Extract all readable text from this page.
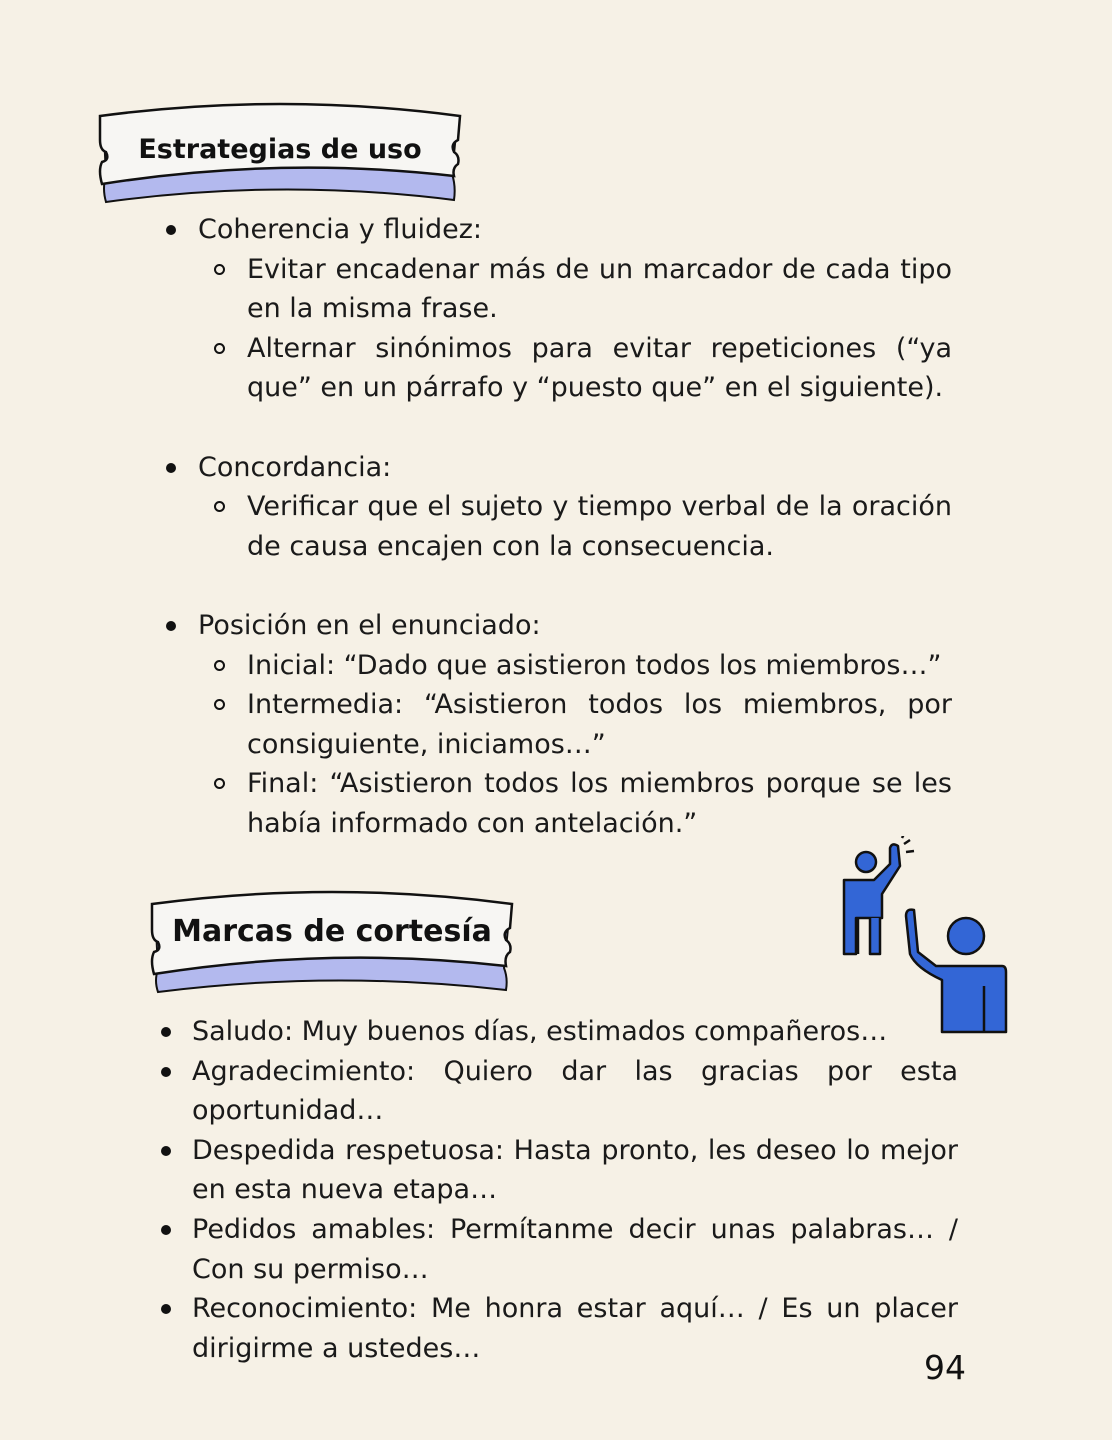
Estrategias de uso
Coherencia y fluidez:
Evitar encadenar más de un marcador de cada tipo en la misma frase.
Alternar sinónimos para evitar repeticiones (“ya que” en un párrafo y “puesto que” en el siguiente).
Concordancia:
Verificar que el sujeto y tiempo verbal de la oración de causa encajen con la consecuencia.
Posición en el enunciado:
Inicial: “Dado que asistieron todos los miembros…”
Intermedia: “Asistieron todos los miembros, por consiguiente, iniciamos…”
Final: “Asistieron todos los miembros porque se les había informado con antelación.”
Marcas de cortesía
Saludo: Muy buenos días, estimados compañeros…
Agradecimiento: Quiero dar las gracias por esta oportunidad…
Despedida respetuosa: Hasta pronto, les deseo lo mejor en esta nueva etapa…
Pedidos amables: Permítanme decir unas palabras… / Con su permiso…
Reconocimiento: Me honra estar aquí… / Es un placer dirigirme a ustedes…	94
